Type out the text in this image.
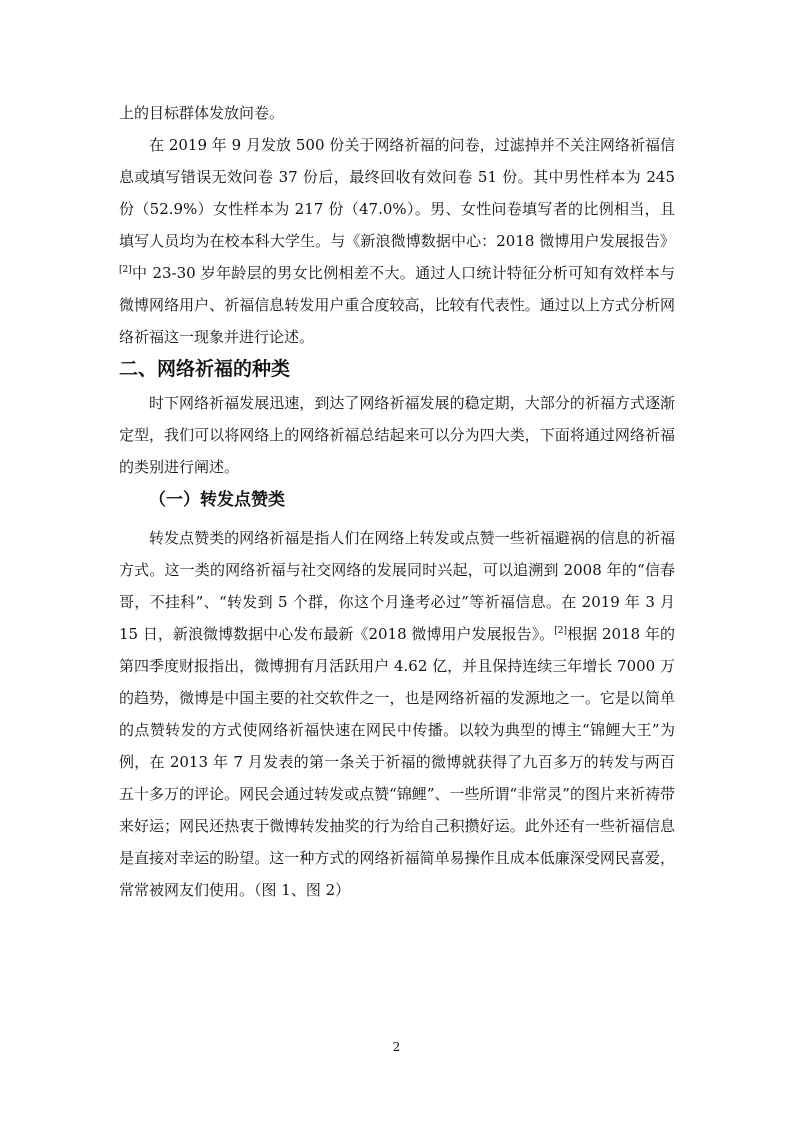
上的目标群体发放问卷。

在 2019 年 9 月发放 500 份关于网络祈福的问卷，过滤掉并不关注网络祈福信息或填写错误无效问卷 37 份后，最终回收有效问卷 51 份。其中男性样本为 245 份（52.9%）女性样本为 217 份（47.0%）。男、女性问卷填写者的比例相当，且填写人员均为在校本科大学生。与《新浪微博数据中心：2018 微博用户发展报告》[2]中 23-30 岁年龄层的男女比例相差不大。通过人口统计特征分析可知有效样本与微博网络用户、祈福信息转发用户重合度较高，比较有代表性。通过以上方式分析网络祈福这一现象并进行论述。

二、网络祈福的种类

时下网络祈福发展迅速，到达了网络祈福发展的稳定期，大部分的祈福方式逐渐定型，我们可以将网络上的网络祈福总结起来可以分为四大类，下面将通过网络祈福的类别进行阐述。

（一）转发点赞类

转发点赞类的网络祈福是指人们在网络上转发或点赞一些祈福避祸的信息的祈福方式。这一类的网络祈福与社交网络的发展同时兴起，可以追溯到 2008 年的“信春哥，不挂科”、“转发到 5 个群，你这个月逢考必过”等祈福信息。在 2019 年 3 月 15 日，新浪微博数据中心发布最新《2018 微博用户发展报告》。[2]根据 2018 年的第四季度财报指出，微博拥有月活跃用户 4.62 亿，并且保持连续三年增长 7000 万的趋势，微博是中国主要的社交软件之一，也是网络祈福的发源地之一。它是以简单的点赞转发的方式使网络祈福快速在网民中传播。以较为典型的博主“锦鲤大王”为例，在 2013 年 7 月发表的第一条关于祈福的微博就获得了九百多万的转发与两百五十多万的评论。网民会通过转发或点赞“锦鲤”、一些所谓“非常灵”的图片来祈祷带来好运；网民还热衷于微博转发抽奖的行为给自己积攒好运。此外还有一些祈福信息是直接对幸运的盼望。这一种方式的网络祈福简单易操作且成本低廉深受网民喜爱，常常被网友们使用。（图 1、图 2）

2
